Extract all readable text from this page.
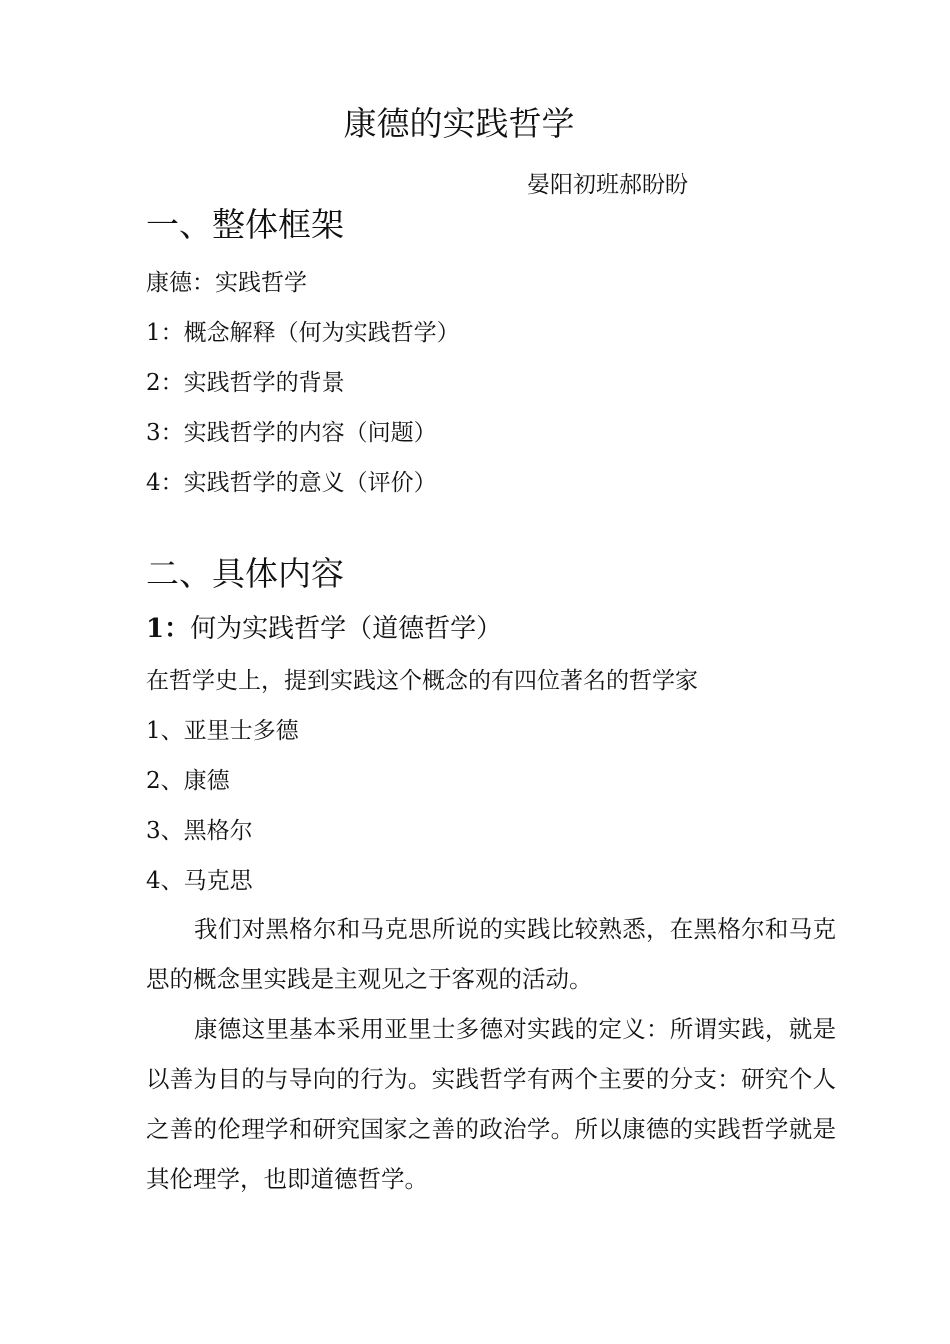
康德的实践哲学
晏阳初班郝盼盼
一、整体框架
康德：实践哲学
1：概念解释（何为实践哲学）
2：实践哲学的背景
3：实践哲学的内容（问题）
4：实践哲学的意义（评价）
二、具体内容
1：何为实践哲学（道德哲学）
在哲学史上，提到实践这个概念的有四位著名的哲学家
1、亚里士多德
2、康德
3、黑格尔
4、马克思

我们对黑格尔和马克思所说的实践比较熟悉，在黑格尔和马克思的概念里实践是主观见之于客观的活动。

康德这里基本采用亚里士多德对实践的定义：所谓实践，就是以善为目的与导向的行为。实践哲学有两个主要的分支：研究个人之善的伦理学和研究国家之善的政治学。所以康德的实践哲学就是其伦理学，也即道德哲学。
